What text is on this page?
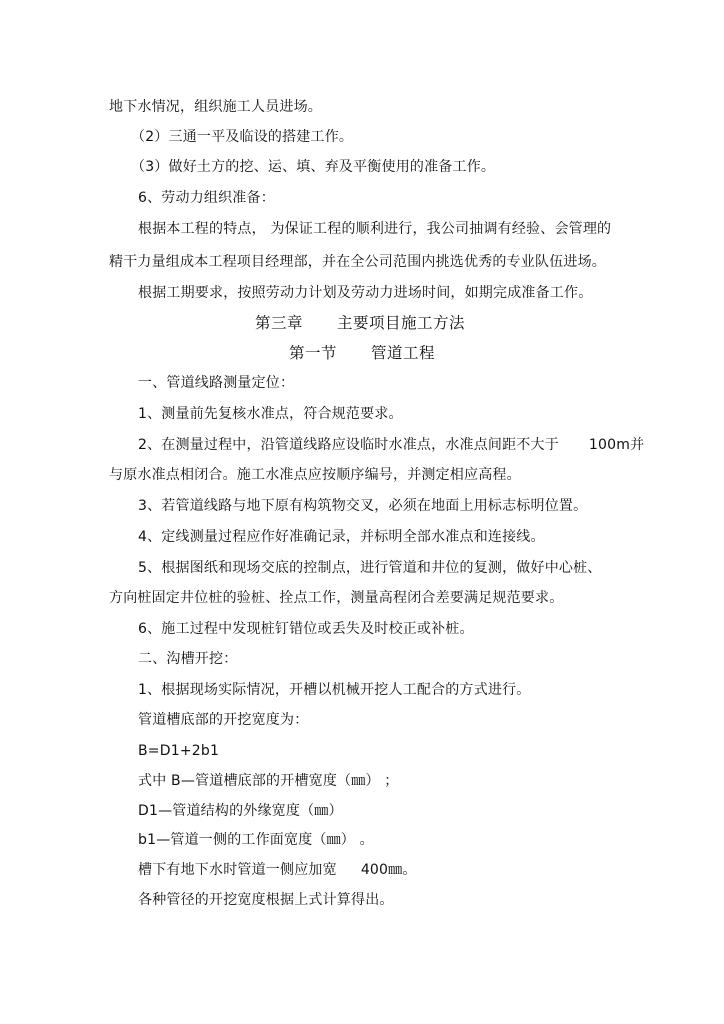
地下水情况，组织施工人员进场。
（2）三通一平及临设的搭建工作。
（3）做好土方的挖、运、填、弃及平衡使用的准备工作。
6、劳动力组织准备：
根据本工程的特点， 为保证工程的顺利进行，我公司抽调有经验、会管理的
精干力量组成本工程项目经理部，并在全公司范围内挑选优秀的专业队伍进场。
根据工期要求，按照劳动力计划及劳动力进场时间，如期完成准备工作。
第三章 主要项目施工方法
第一节 管道工程
一、管道线路测量定位：
1、测量前先复核水准点，符合规范要求。
2、在测量过程中，沿管道线路应设临时水准点，水准点间距不大于 100m并
与原水准点相闭合。施工水准点应按顺序编号，并测定相应高程。
3、若管道线路与地下原有构筑物交叉，必须在地面上用标志标明位置。
4、定线测量过程应作好准确记录，并标明全部水准点和连接线。
5、根据图纸和现场交底的控制点，进行管道和井位的复测，做好中心桩、
方向桩固定井位桩的验桩、拴点工作，测量高程闭合差要满足规范要求。
6、施工过程中发现桩钉错位或丢失及时校正或补桩。
二、沟槽开挖：
1、根据现场实际情况，开槽以机械开挖人工配合的方式进行。
管道槽底部的开挖宽度为：
B=D1+2b1
式中 B—管道槽底部的开槽宽度（㎜） ；
D1—管道结构的外缘宽度（㎜）
b1—管道一侧的工作面宽度（㎜） 。
槽下有地下水时管道一侧应加宽 400㎜。
各种管径的开挖宽度根据上式计算得出。
